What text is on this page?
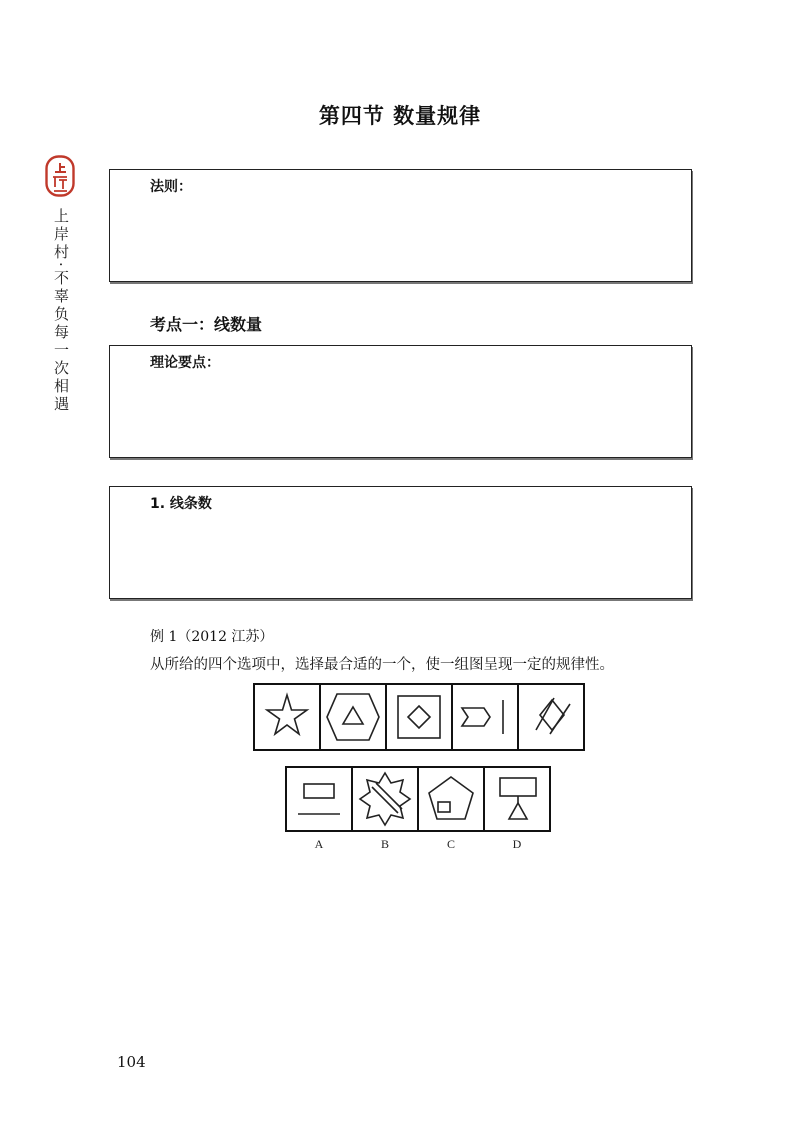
第四节 数量规律
上岸村·不辜负每一次相遇
法则：
考点一：线数量
理论要点：
1. 线条数
例 1（2012 江苏）
从所给的四个选项中，选择最合适的一个，使一组图呈现一定的规律性。
A	B	C	D
104
